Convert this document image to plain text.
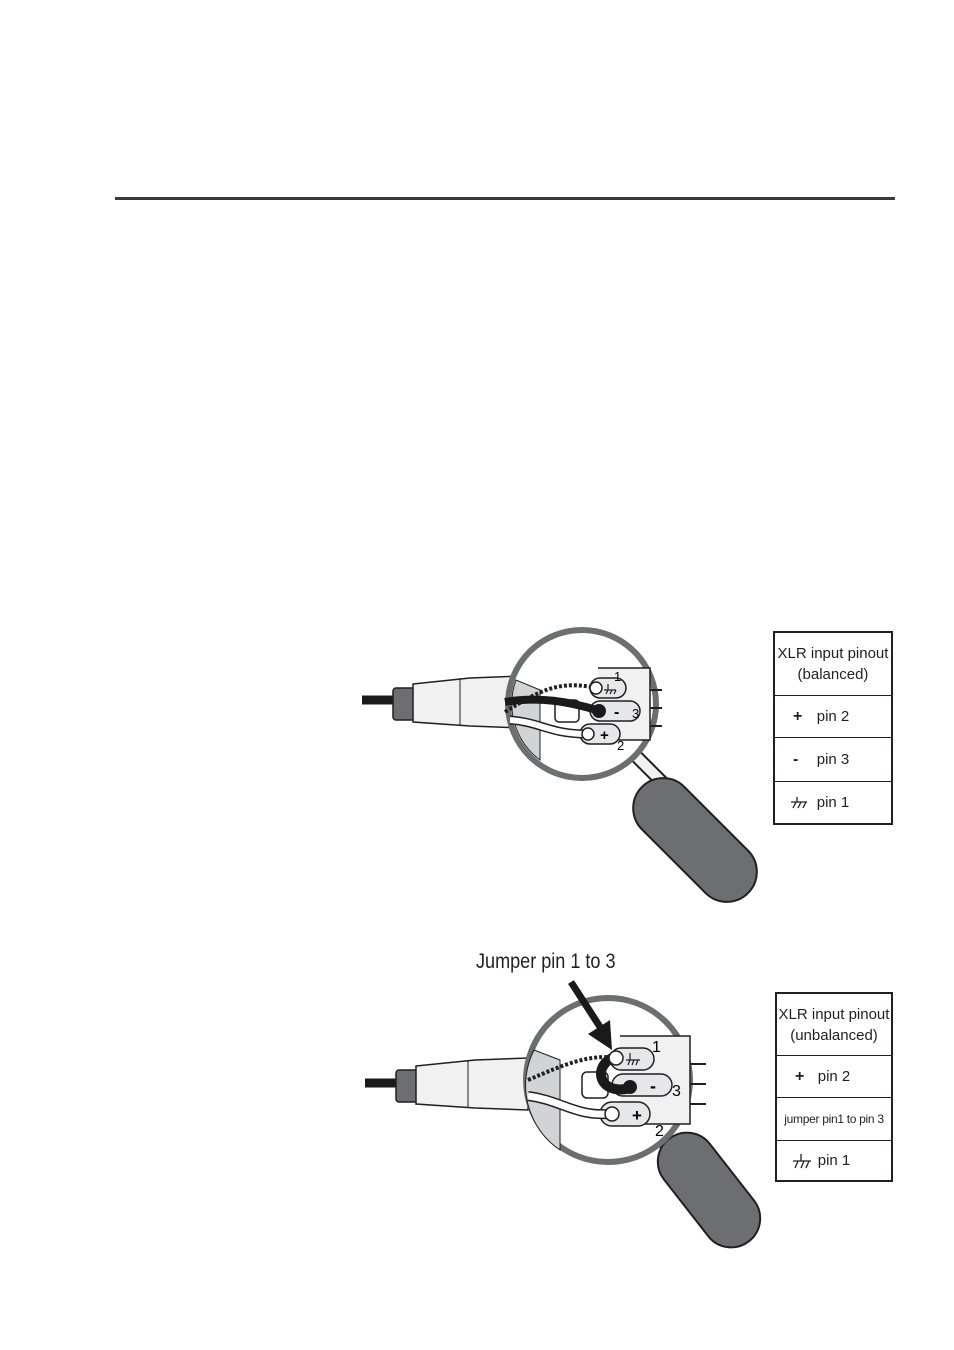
1
- 3
+
2
1
- 3
+
2
Jumper pin 1 to 3
XLR input pinout
(balanced)
+ pin 2
- pin 3
pin 1
XLR input pinout
(unbalanced)
+ pin 2
jumper pin1 to pin 3
pin 1
